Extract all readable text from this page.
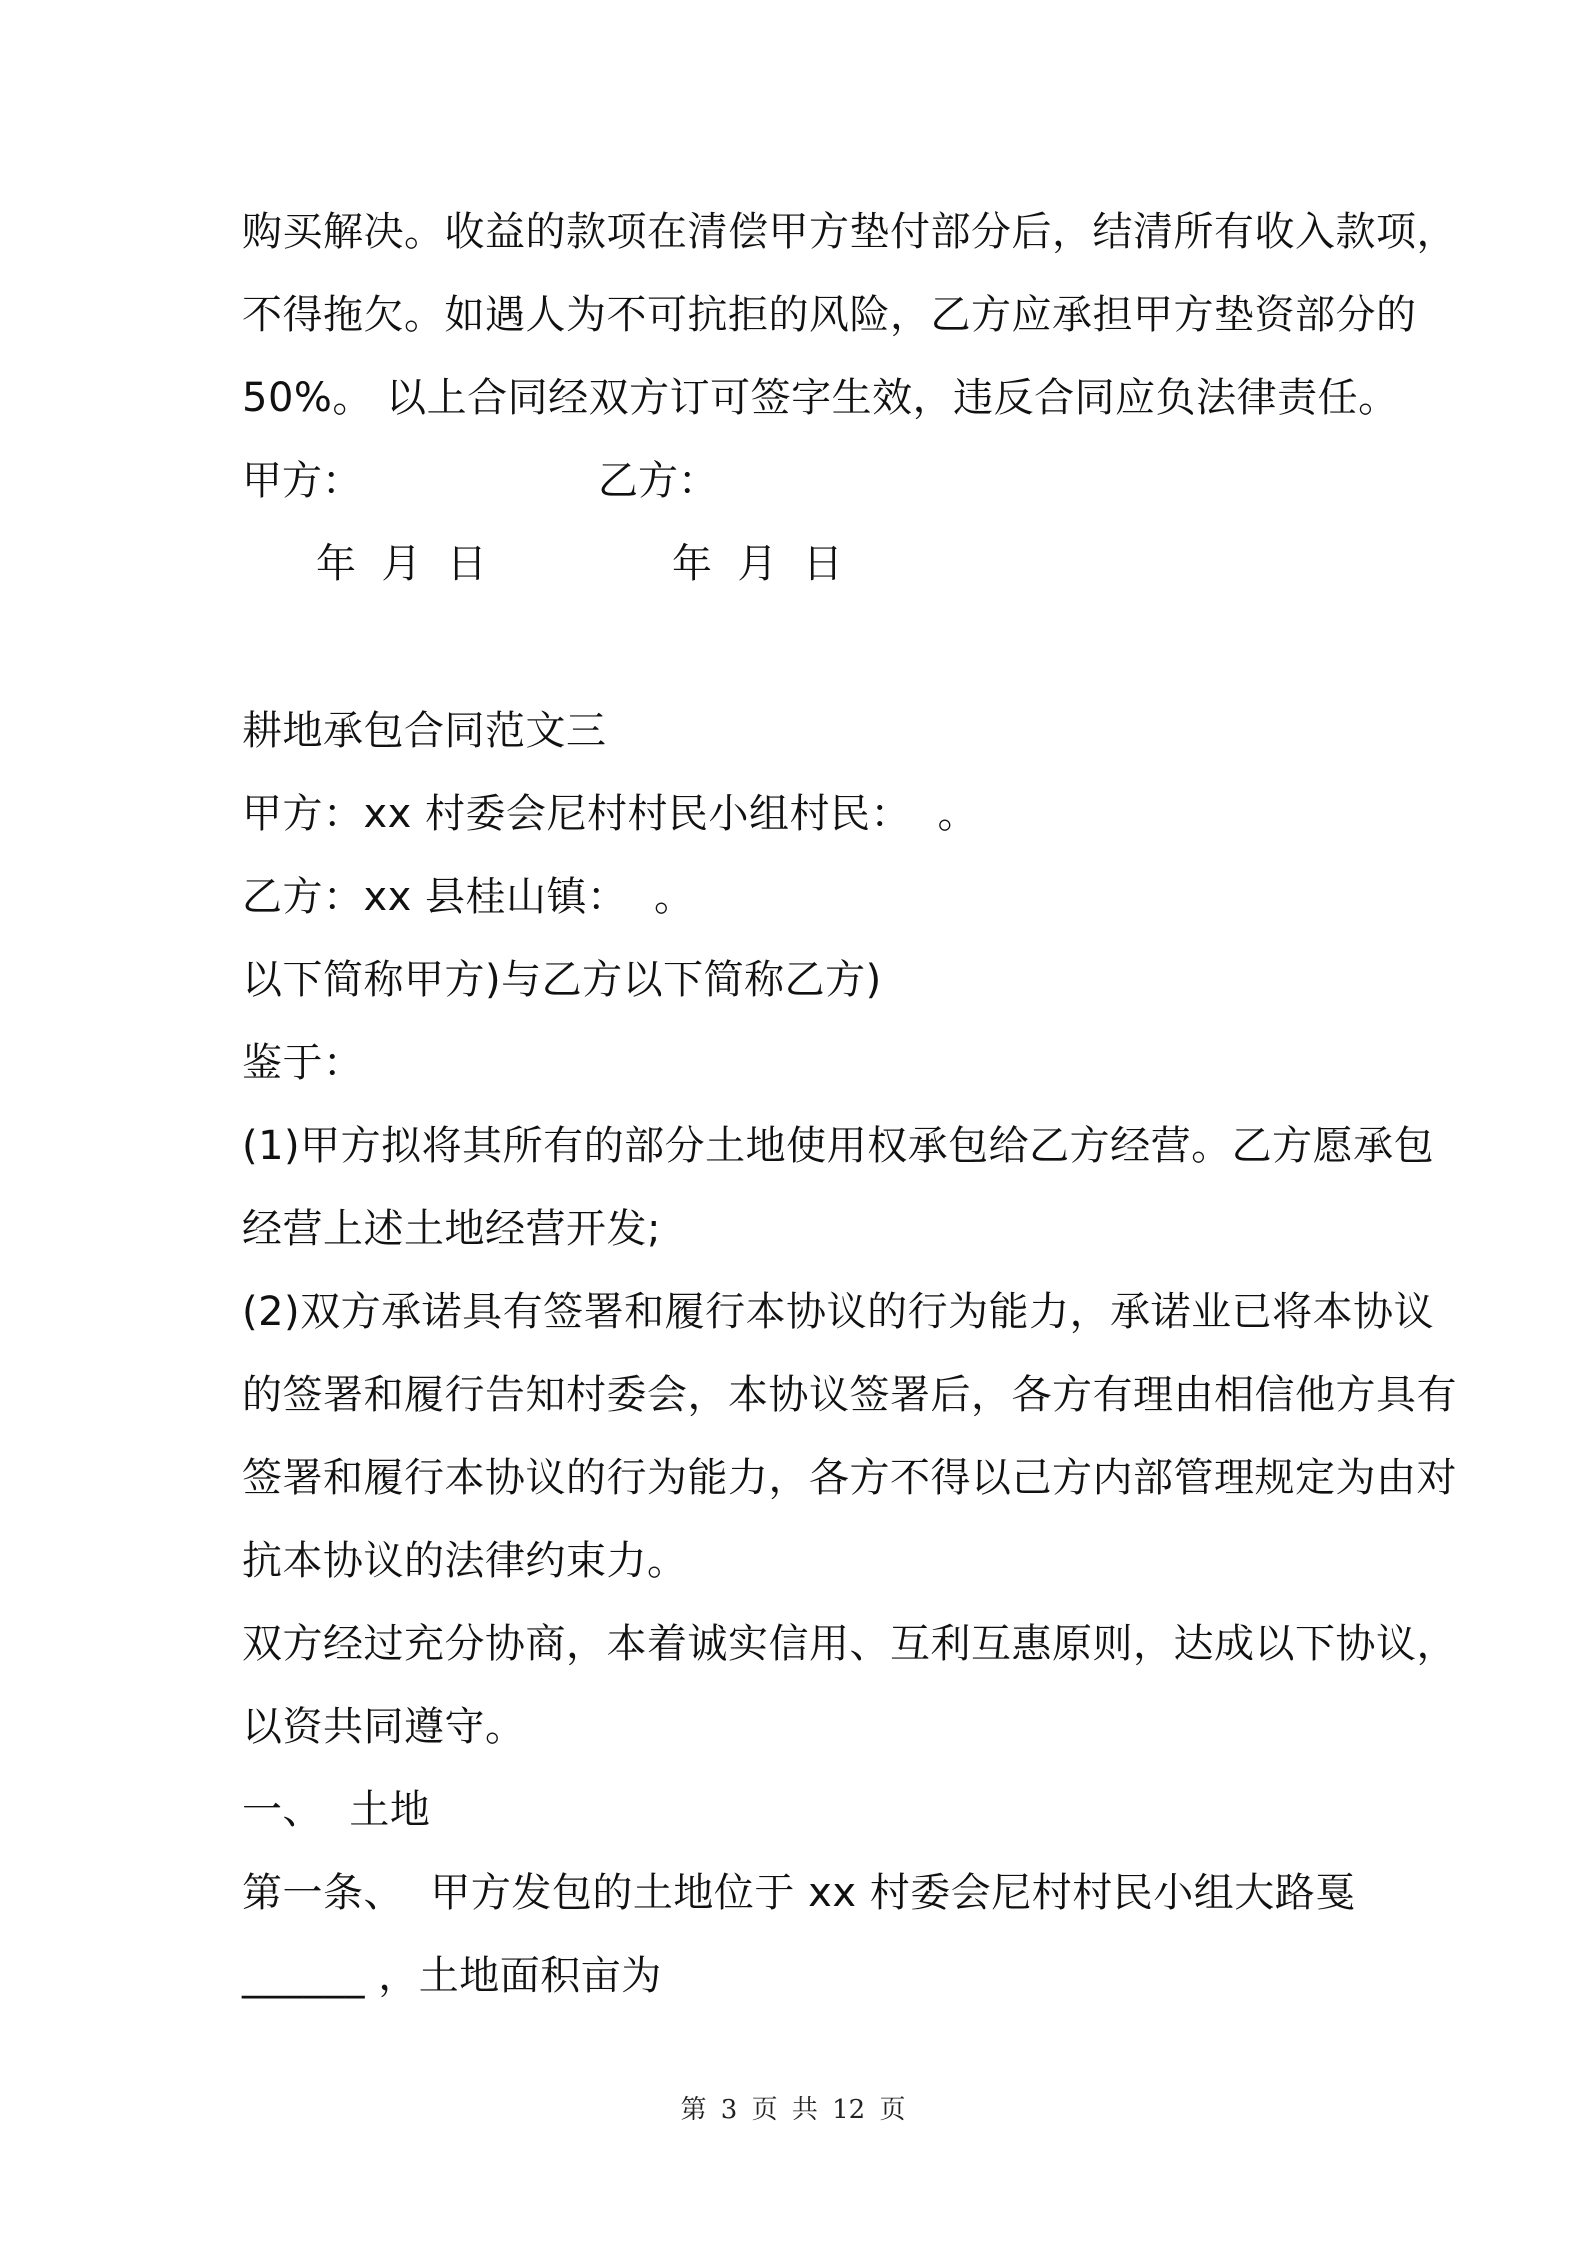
购买解决。收益的款项在清偿甲方垫付部分后，结清所有收入款项，
不得拖欠。如遇人为不可抗拒的风险，乙方应承担甲方垫资部分的
50%。 以上合同经双方订可签字生效，违反合同应负法律责任。
甲方：	乙方：
年  月  日	年  月  日
耕地承包合同范文三
甲方：xx 村委会尼村村民小组村民：  。
乙方：xx 县桂山镇：  。
以下简称甲方)与乙方以下简称乙方)
鉴于：
(1)甲方拟将其所有的部分土地使用权承包给乙方经营。乙方愿承包
经营上述土地经营开发;
(2)双方承诺具有签署和履行本协议的行为能力，承诺业已将本协议
的签署和履行告知村委会，本协议签署后，各方有理由相信他方具有
签署和履行本协议的行为能力，各方不得以己方内部管理规定为由对
抗本协议的法律约束力。
双方经过充分协商，本着诚实信用、互利互惠原则，达成以下协议，
以资共同遵守。
一、  土地
第一条、  甲方发包的土地位于 xx 村委会尼村村民小组大路戛
______ ，土地面积亩为
第 3 页 共 12 页
